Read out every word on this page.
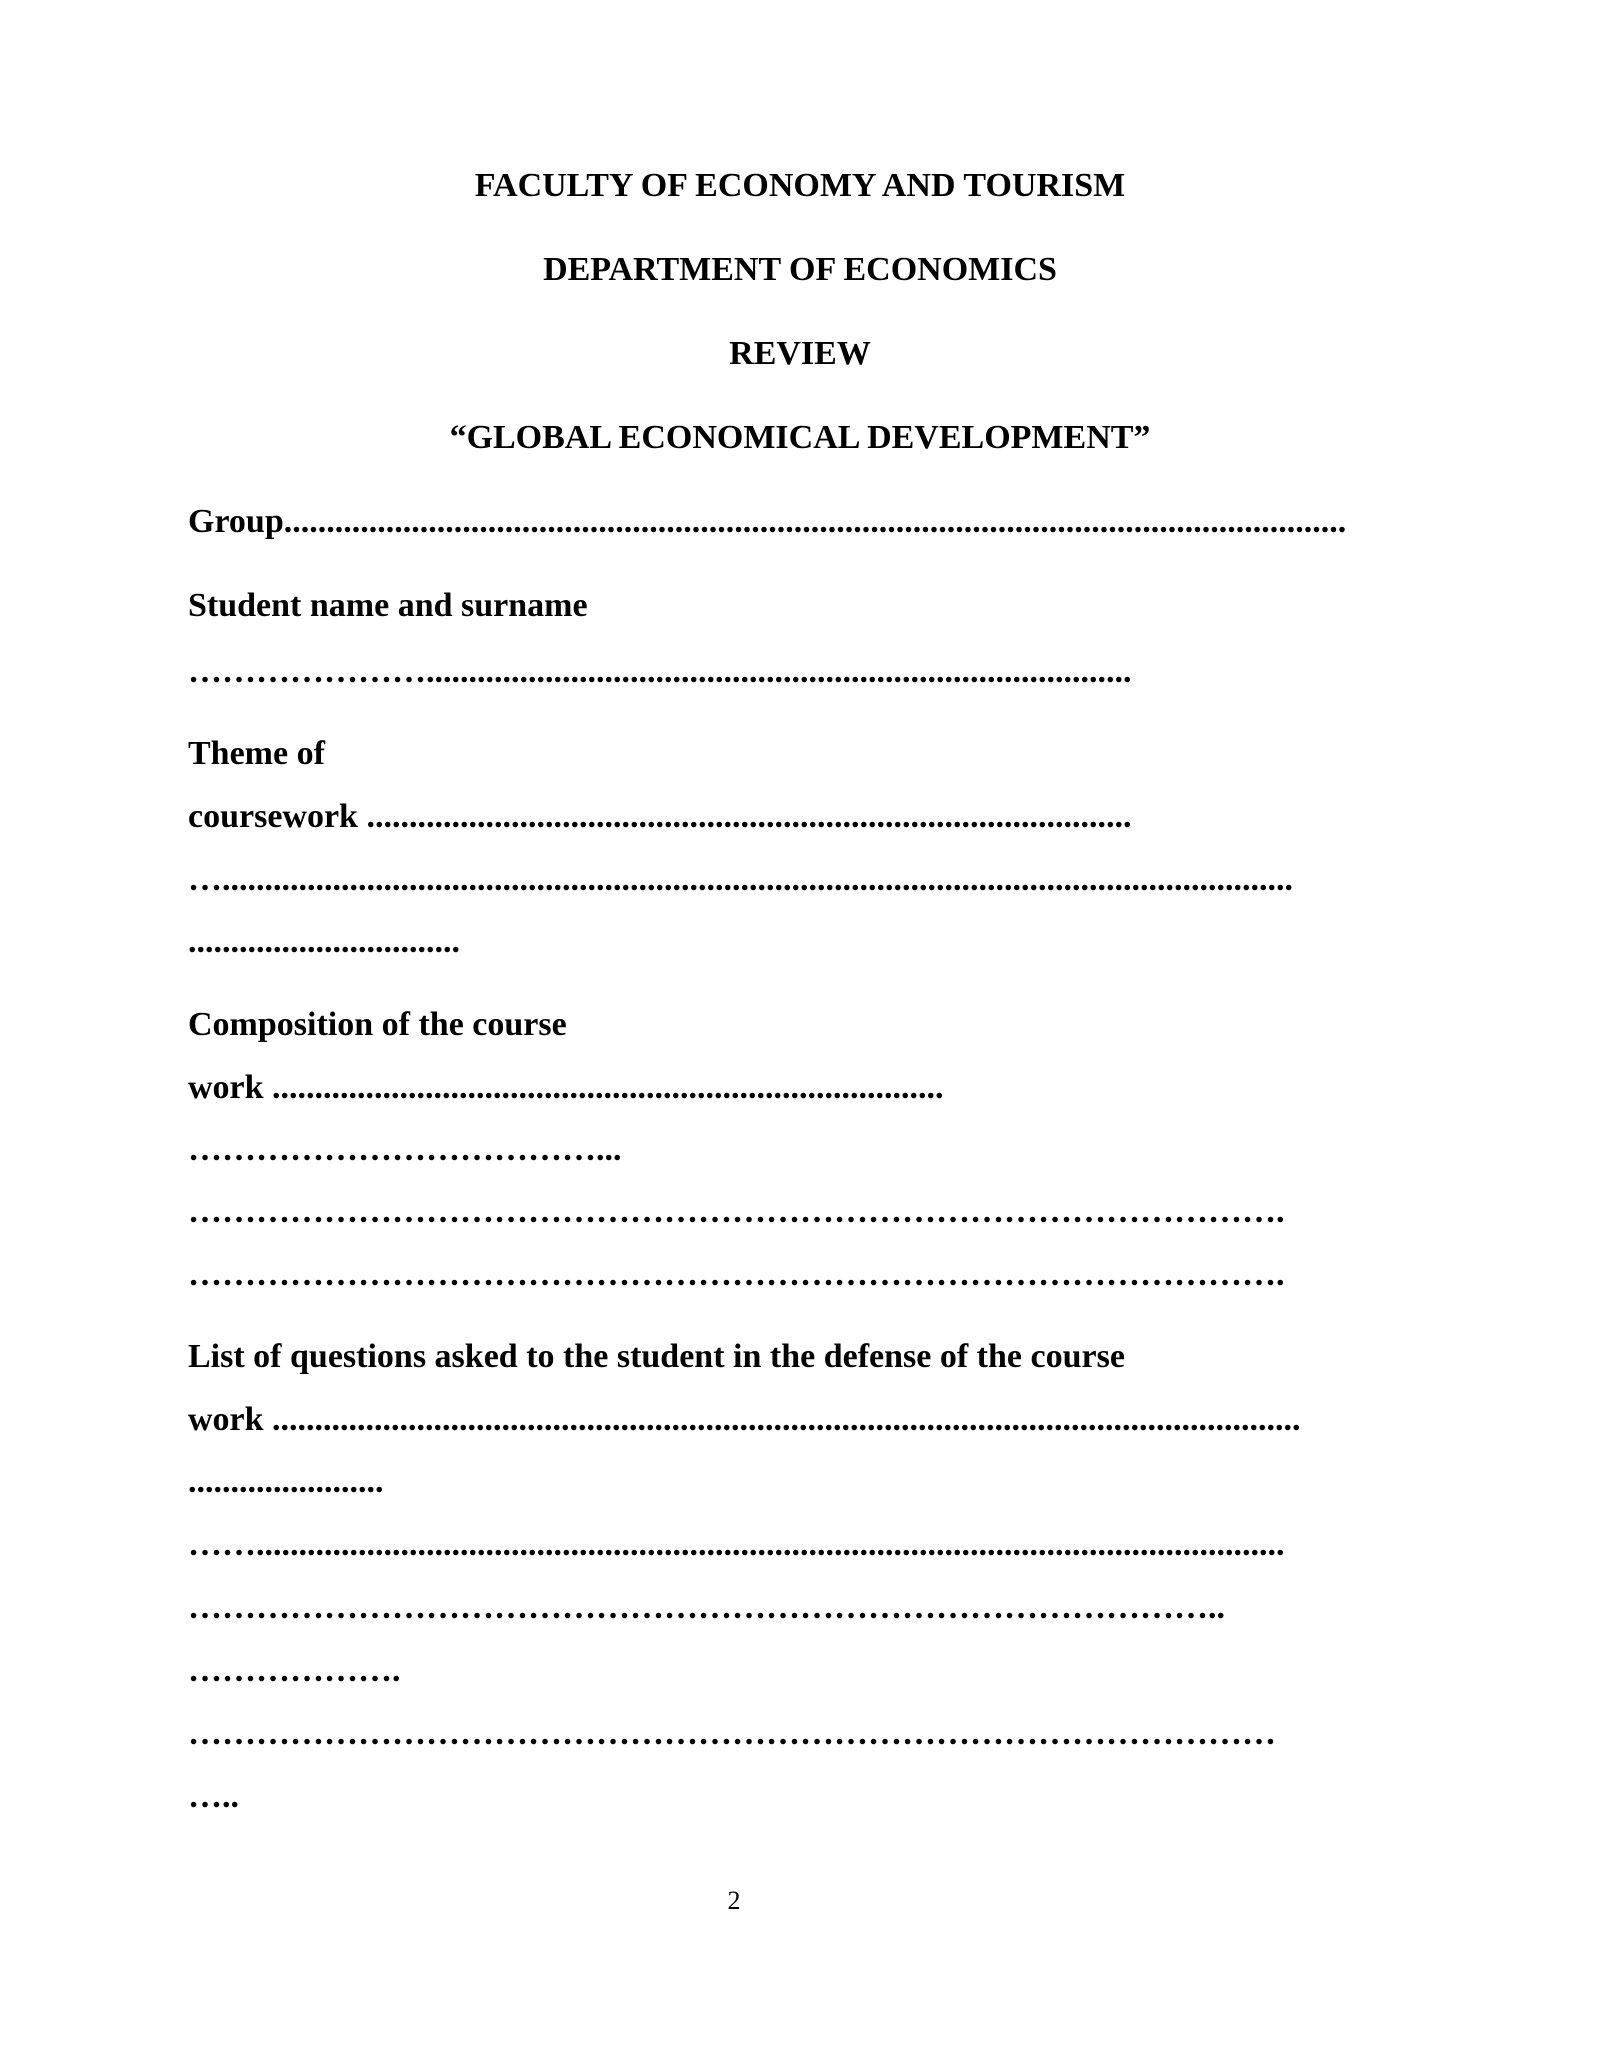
FACULTY OF ECONOMY AND TOURISM
DEPARTMENT OF ECONOMICS
REVIEW
“GLOBAL ECONOMICAL DEVELOPMENT”
Group.............................................................................................................................
Student name and surname
…………………...................................................................................
Theme of
coursework ..........................................................................................
…..............................................................................................................................
................................
Composition of the course
work ...............................................................................
………………………………...
…………………………………………………………………………………….
…………………………………………………………………………………….
List of questions asked to the student in the defense of the course
work .........................................................................................................................
.......................
…….........................................................................................................................
………………………………………………………………………………..
……………….
……………………………………………………………………………………
…..
2
